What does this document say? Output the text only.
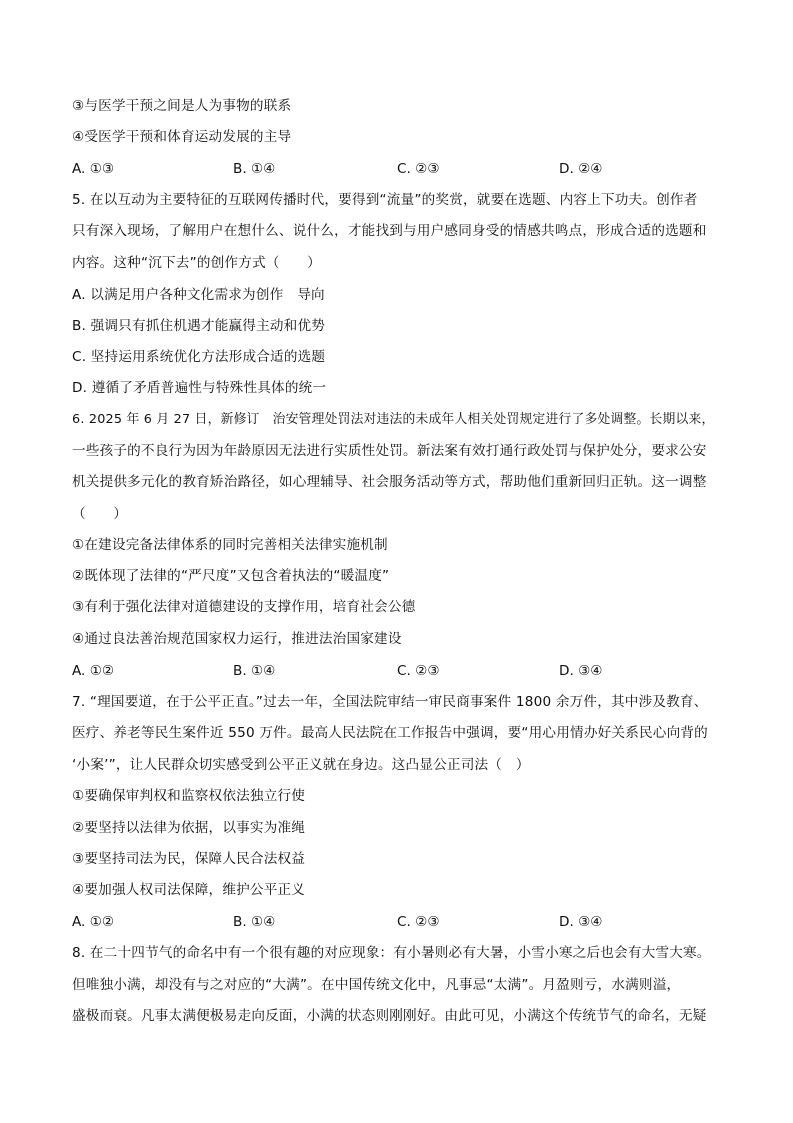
③与医学干预之间是人为事物的联系
④受医学干预和体育运动发展的主导
A. ①③	B. ①④	C. ②③	D. ②④
5. 在以互动为主要特征的互联网传播时代，要得到“流量”的奖赏，就要在选题、内容上下功夫。创作者
只有深入现场，了解用户在想什么、说什么，才能找到与用户感同身受的情感共鸣点，形成合适的选题和
内容。这种“沉下去”的创作方式（　　）
A. 以满足用户各种文化需求为创作　导向
B. 强调只有抓住机遇才能赢得主动和优势
C. 坚持运用系统优化方法形成合适的选题
D. 遵循了矛盾普遍性与特殊性具体的统一
6. 2025 年 6 月 27 日，新修订　治安管理处罚法对违法的未成年人相关处罚规定进行了多处调整。长期以来，
一些孩子的不良行为因为年龄原因无法进行实质性处罚。新法案有效打通行政处罚与保护处分，要求公安
机关提供多元化的教育矫治路径，如心理辅导、社会服务活动等方式，帮助他们重新回归正轨。这一调整
（　　）
①在建设完备法律体系的同时完善相关法律实施机制
②既体现了法律的“严尺度”又包含着执法的“暖温度”
③有利于强化法律对道德建设的支撑作用，培育社会公德
④通过良法善治规范国家权力运行，推进法治国家建设
A. ①②	B. ①④	C. ②③	D. ③④
7. “理国要道，在于公平正直。”过去一年，全国法院审结一审民商事案件 1800 余万件，其中涉及教育、
医疗、养老等民生案件近 550 万件。最高人民法院在工作报告中强调，要“用心用情办好关系民心向背的
‘小案’”，让人民群众切实感受到公平正义就在身边。这凸显公正司法（　）
①要确保审判权和监察权依法独立行使
②要坚持以法律为依据，以事实为准绳
③要坚持司法为民，保障人民合法权益
④要加强人权司法保障，维护公平正义
A. ①②	B. ①④	C. ②③	D. ③④
8. 在二十四节气的命名中有一个很有趣的对应现象：有小暑则必有大暑，小雪小寒之后也会有大雪大寒。
但唯独小满，却没有与之对应的“大满”。在中国传统文化中，凡事忌“太满”。月盈则亏，水满则溢，
盛极而衰。凡事太满便极易走向反面，小满的状态则刚刚好。由此可见，小满这个传统节气的命名，无疑
